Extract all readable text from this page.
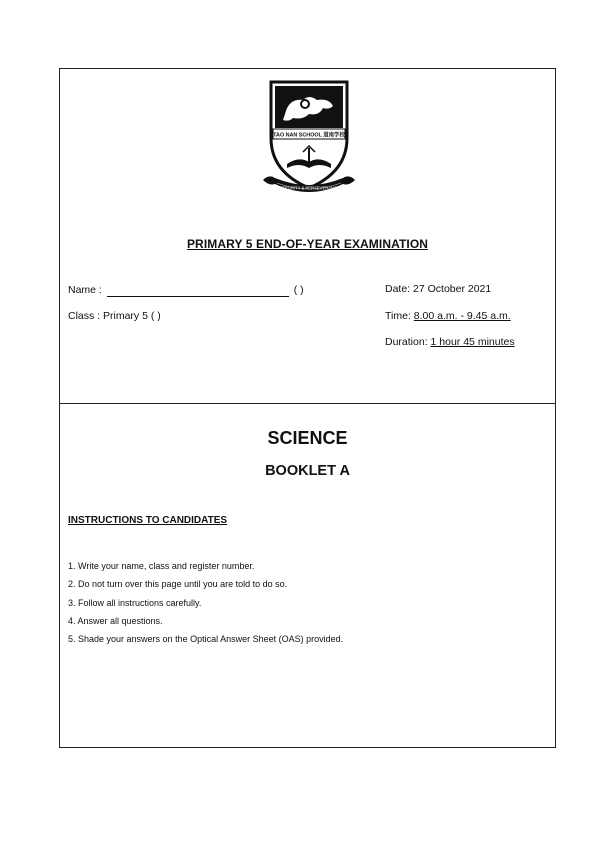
TAO NAN SCHOOL 道南学校
INTEGRITY & PERSEVERANCE
PRIMARY 5 END-OF-YEAR EXAMINATION
Name :	( )
Class : Primary 5 ( )
Date: 27 October 2021
Time: 8.00 a.m. - 9.45 a.m.
Duration: 1 hour 45 minutes
SCIENCE
BOOKLET A
INSTRUCTIONS TO CANDIDATES
1. Write your name, class and register number.
2. Do not turn over this page until you are told to do so.
3. Follow all instructions carefully.
4. Answer all questions.
5. Shade your answers on the Optical Answer Sheet (OAS) provided.
